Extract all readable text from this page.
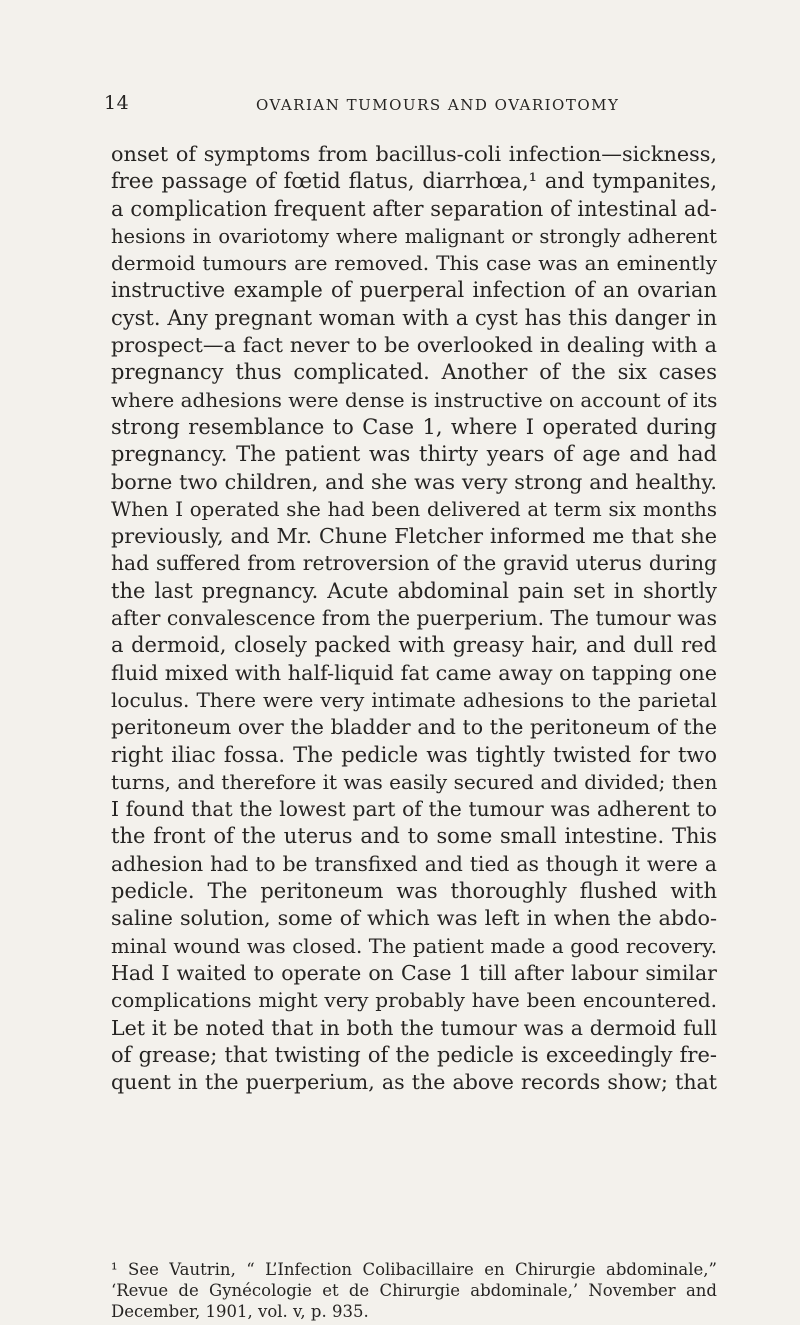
14	OVARIAN TUMOURS AND OVARIOTOMY
onset of symptoms from bacillus-coli infection—sickness,
free passage of fœtid flatus, diarrhœa,¹ and tympanites,
a complication frequent after separation of intestinal ad-
hesions in ovariotomy where malignant or strongly adherent
dermoid tumours are removed. This case was an eminently
instructive example of puerperal infection of an ovarian
cyst. Any pregnant woman with a cyst has this danger in
prospect—a fact never to be overlooked in dealing with a
pregnancy thus complicated. Another of the six cases
where adhesions were dense is instructive on account of its
strong resemblance to Case 1, where I operated during
pregnancy. The patient was thirty years of age and had
borne two children, and she was very strong and healthy.
When I operated she had been delivered at term six months
previously, and Mr. Chune Fletcher informed me that she
had suffered from retroversion of the gravid uterus during
the last pregnancy. Acute abdominal pain set in shortly
after convalescence from the puerperium. The tumour was
a dermoid, closely packed with greasy hair, and dull red
fluid mixed with half-liquid fat came away on tapping one
loculus. There were very intimate adhesions to the parietal
peritoneum over the bladder and to the peritoneum of the
right iliac fossa. The pedicle was tightly twisted for two
turns, and therefore it was easily secured and divided; then
I found that the lowest part of the tumour was adherent to
the front of the uterus and to some small intestine. This
adhesion had to be transfixed and tied as though it were a
pedicle. The peritoneum was thoroughly flushed with
saline solution, some of which was left in when the abdo-
minal wound was closed. The patient made a good recovery.
Had I waited to operate on Case 1 till after labour similar
complications might very probably have been encountered.
Let it be noted that in both the tumour was a dermoid full
of grease; that twisting of the pedicle is exceedingly fre-
quent in the puerperium, as the above records show; that
¹ See Vautrin, “ L’Infection Colibacillaire en Chirurgie abdominale,”
‘Revue de Gynécologie et de Chirurgie abdominale,’ November and
December, 1901, vol. v, p. 935.
